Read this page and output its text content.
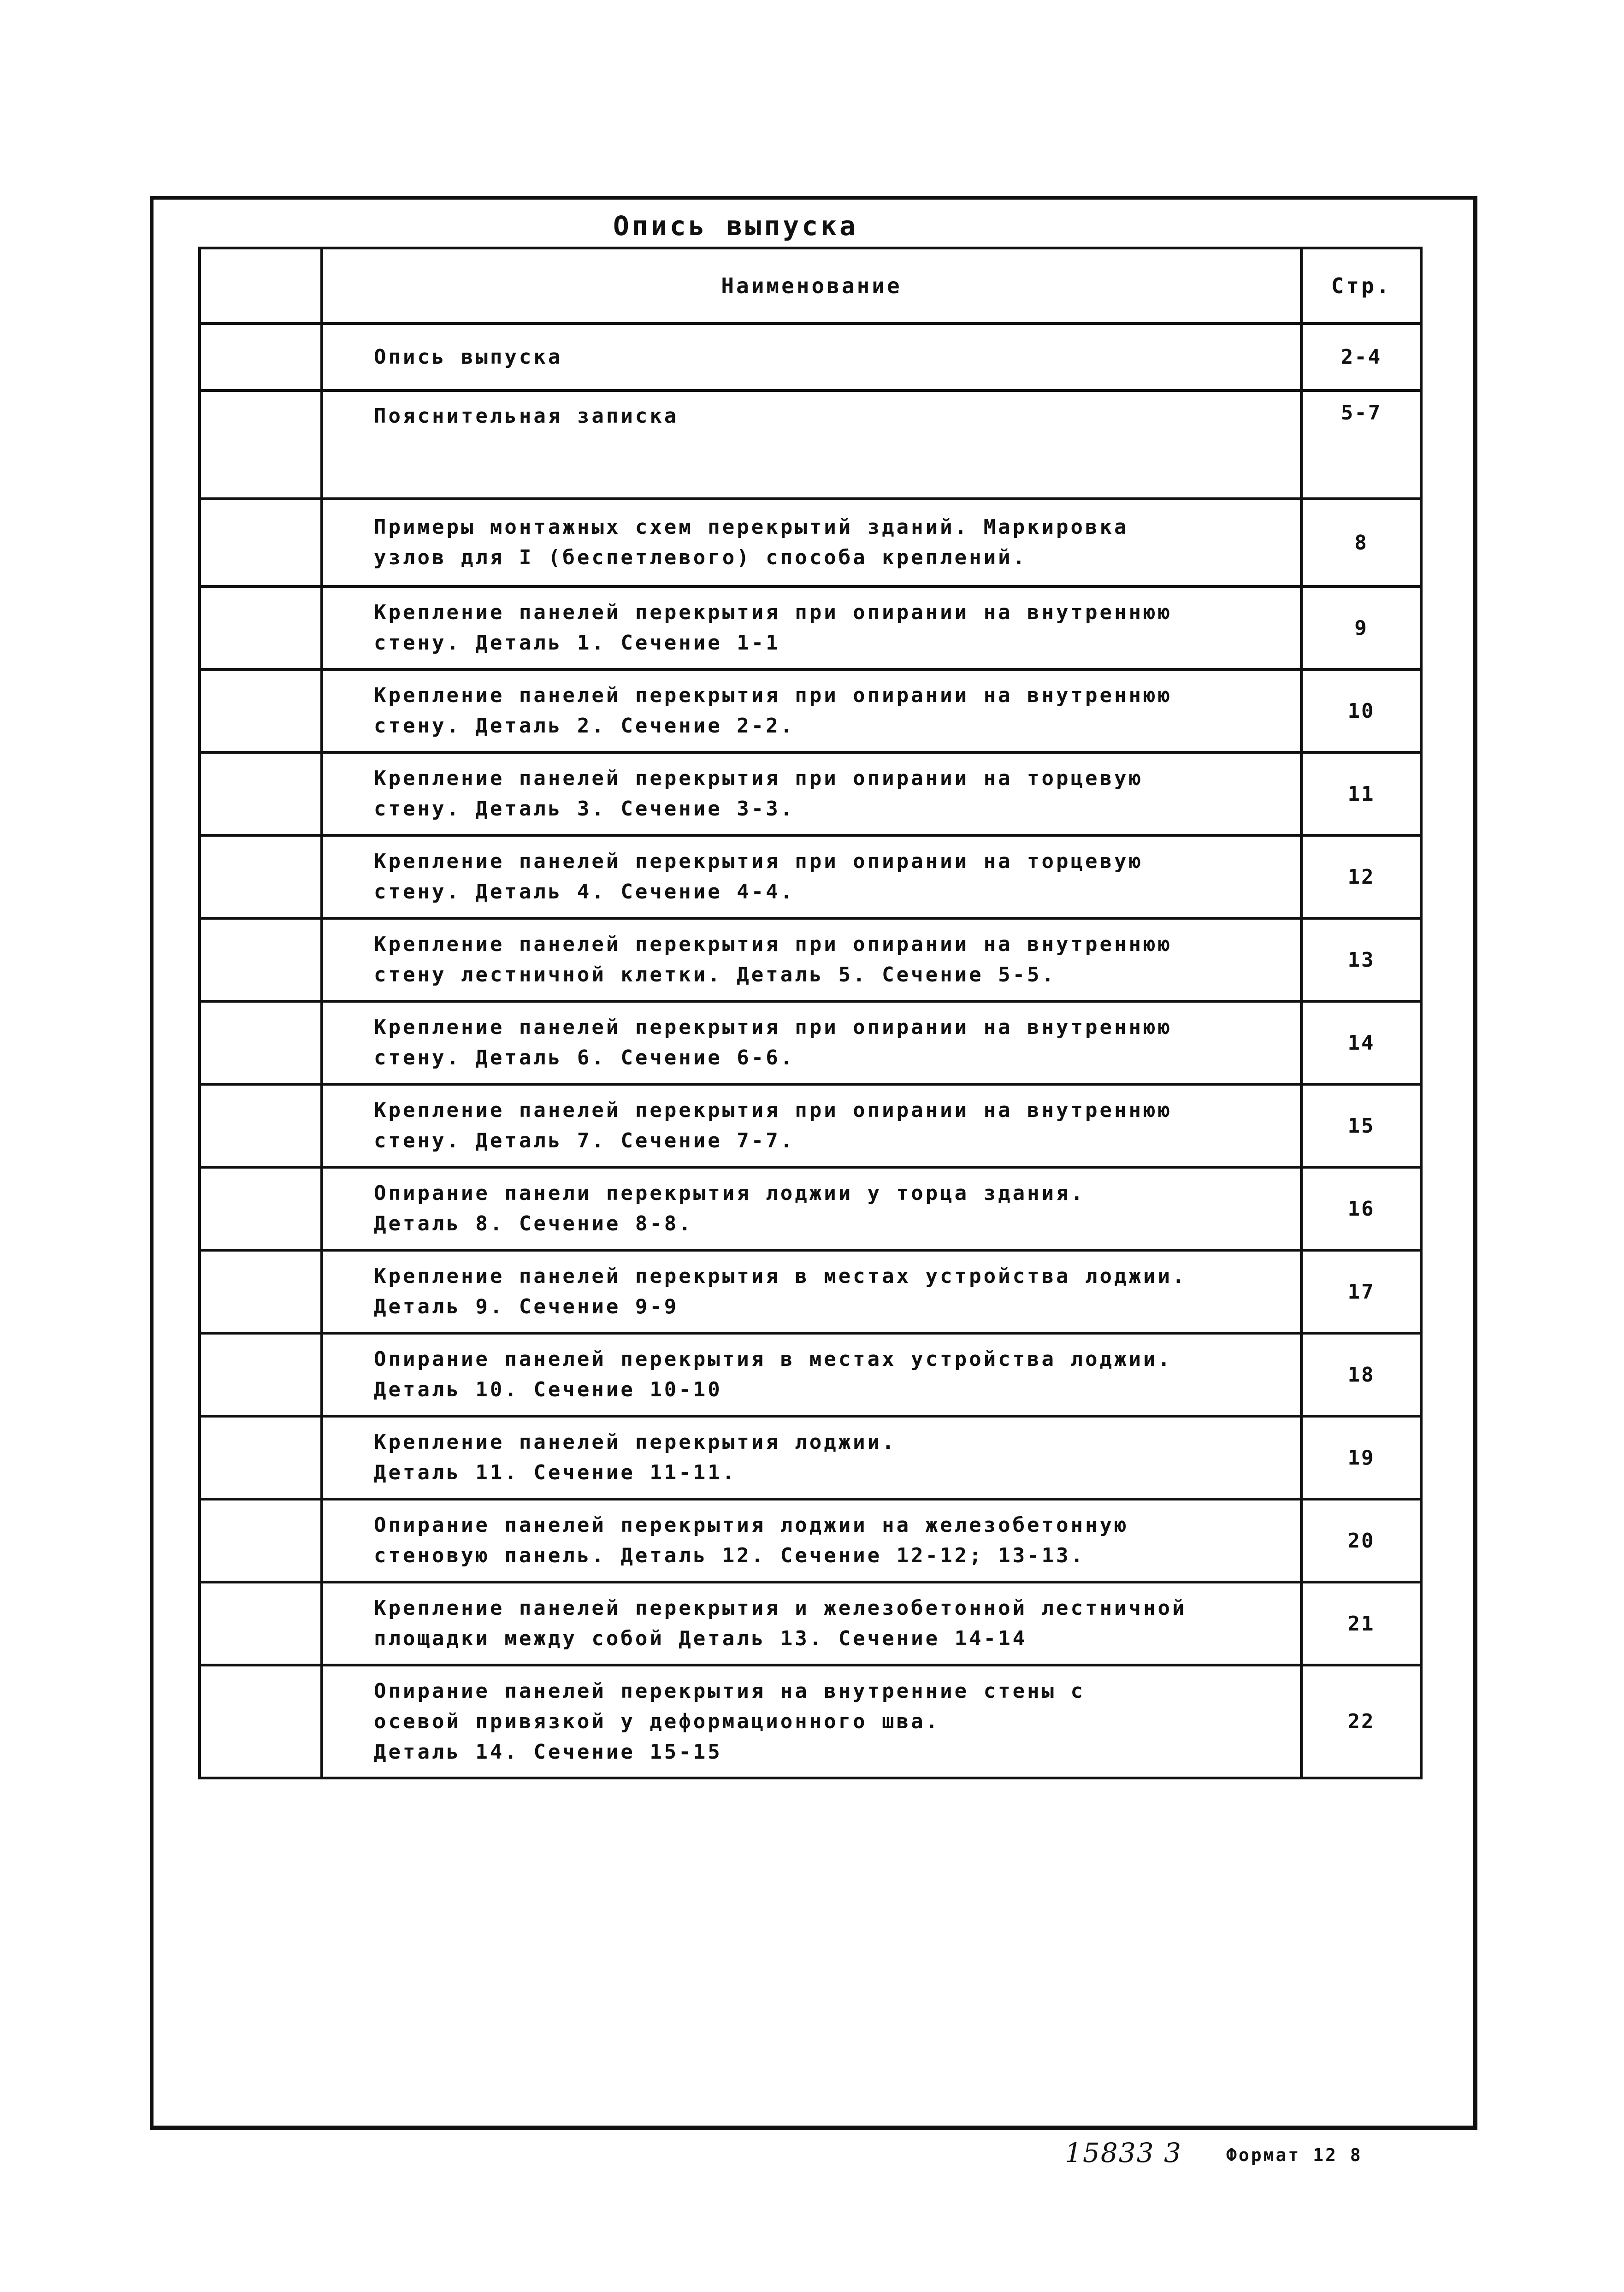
Опись выпуска
	Наименование	Стр.
	Опись выпуска	2-4
	Пояснительная записка	5-7
	Примеры монтажных схем перекрытий зданий. Маркировка
узлов для I (беспетлевого) способа креплений.	8
	Крепление панелей перекрытия при опирании на внутреннюю
стену. Деталь 1. Сечение 1-1	9
	Крепление панелей перекрытия при опирании на внутреннюю
стену. Деталь 2. Сечение 2-2.	10
	Крепление панелей перекрытия при опирании на торцевую
стену. Деталь 3. Сечение 3-3.	11
	Крепление панелей перекрытия при опирании на торцевую
стену. Деталь 4. Сечение 4-4.	12
	Крепление панелей перекрытия при опирании на внутреннюю
стену лестничной клетки. Деталь 5. Сечение 5-5.	13
	Крепление панелей перекрытия при опирании на внутреннюю
стену. Деталь 6. Сечение 6-6.	14
	Крепление панелей перекрытия при опирании на внутреннюю
стену. Деталь 7. Сечение 7-7.	15
	Опирание панели перекрытия лоджии у торца здания.
Деталь 8. Сечение 8-8.	16
	Крепление панелей перекрытия в местах устройства лоджии.
Деталь 9. Сечение 9-9	17
	Опирание панелей перекрытия в местах устройства лоджии.
Деталь 10. Сечение 10-10	18
	Крепление панелей перекрытия лоджии.
Деталь 11. Сечение 11-11.	19
	Опирание панелей перекрытия лоджии на железобетонную
стеновую панель. Деталь 12. Сечение 12-12; 13-13.	20
	Крепление панелей перекрытия и железобетонной лестничной
площадки между собой Деталь 13. Сечение 14-14	21
	Опирание панелей перекрытия на внутренние стены с
осевой привязкой у деформационного шва.
Деталь 14. Сечение 15-15	22
15833 3	Формат 12 8
